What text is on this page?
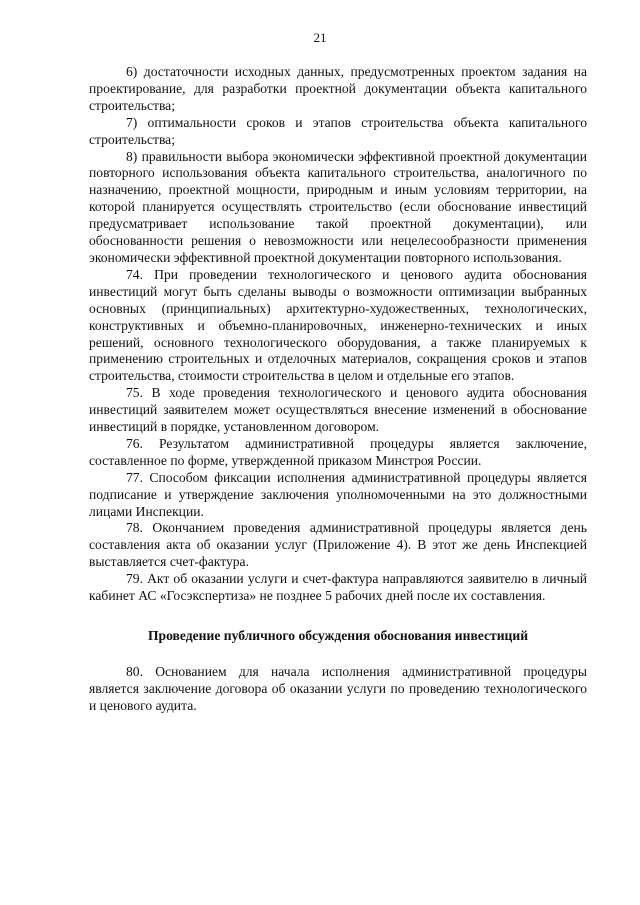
21

6) достаточности исходных данных, предусмотренных проектом задания на проектирование, для разработки проектной документации объекта капитального строительства;

7) оптимальности сроков и этапов строительства объекта капитального строительства;

8) правильности выбора экономически эффективной проектной документации повторного использования объекта капитального строительства, аналогичного по назначению, проектной мощности, природным и иным условиям территории, на которой планируется осуществлять строительство (если обоснование инвестиций предусматривает использование такой проектной документации), или обоснованности решения о невозможности или нецелесообразности применения экономически эффективной проектной документации повторного использования.

74. При проведении технологического и ценового аудита обоснования инвестиций могут быть сделаны выводы о возможности оптимизации выбранных основных (принципиальных) архитектурно-художественных, технологических, конструктивных и объемно-планировочных, инженерно-технических и иных решений, основного технологического оборудования, а также планируемых к применению строительных и отделочных материалов, сокращения сроков и этапов строительства, стоимости строительства в целом и отдельные его этапов.

75. В ходе проведения технологического и ценового аудита обоснования инвестиций заявителем может осуществляться внесение изменений в обоснование инвестиций в порядке, установленном договором.

76. Результатом административной процедуры является заключение, составленное по форме, утвержденной приказом Минстроя России.

77. Способом фиксации исполнения административной процедуры является подписание и утверждение заключения уполномоченными на это должностными лицами Инспекции.

78. Окончанием проведения административной процедуры является день составления акта об оказании услуг (Приложение 4). В этот же день Инспекцией выставляется счет-фактура.

79. Акт об оказании услуги и счет-фактура направляются заявителю в личный кабинет АС «Госэкспертиза» не позднее 5 рабочих дней после их составления.

Проведение публичного обсуждения обоснования инвестиций

80. Основанием для начала исполнения административной процедуры является заключение договора об оказании услуги по проведению технологического и ценового аудита.
